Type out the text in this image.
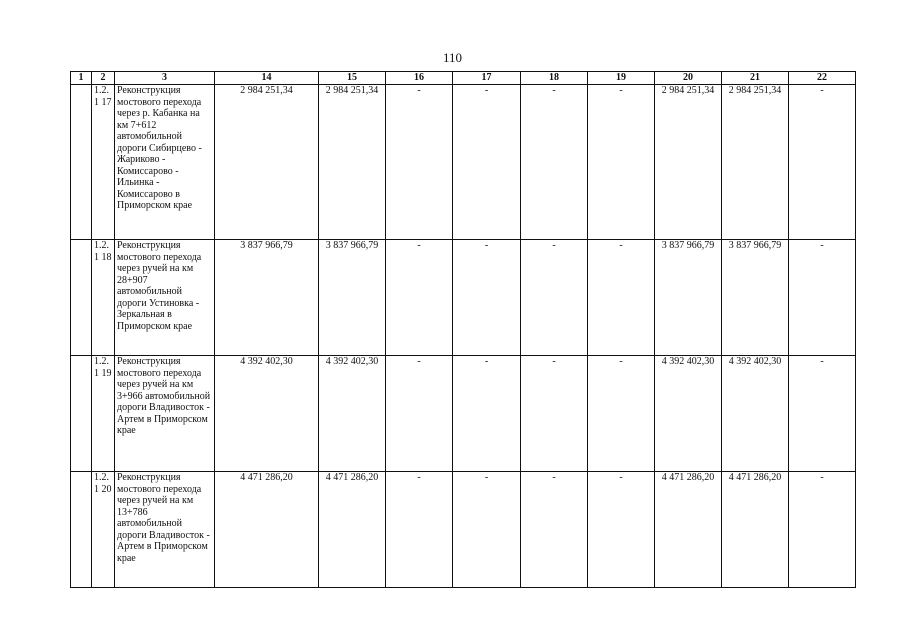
110
1	2	3	14	15	16	17	18	19	20	21	22
	1.2.1 17	Реконструкция мостового перехода через р. Кабанка на км 7+612 автомобильной дороги Сибирцево - Жариково - Комиссарово - Ильинка - Комиссарово в Приморском крае	2 984 251,34	2 984 251,34	-	-	-	-	2 984 251,34	2 984 251,34	-
	1.2.1 18	Реконструкция мостового перехода через ручей на км 28+907 автомобильной дороги Устиновка - Зеркальная в Приморском крае	3 837 966,79	3 837 966,79	-	-	-	-	3 837 966,79	3 837 966,79	-
	1.2.1 19	Реконструкция мостового перехода через ручей на км 3+966 автомобильной дороги Владивосток - Артем в Приморском крае	4 392 402,30	4 392 402,30	-	-	-	-	4 392 402,30	4 392 402,30	-
	1.2.1 20	Реконструкция мостового перехода через ручей на км 13+786 автомобильной дороги Владивосток - Артем в Приморском крае	4 471 286,20	4 471 286,20	-	-	-	-	4 471 286,20	4 471 286,20	-
